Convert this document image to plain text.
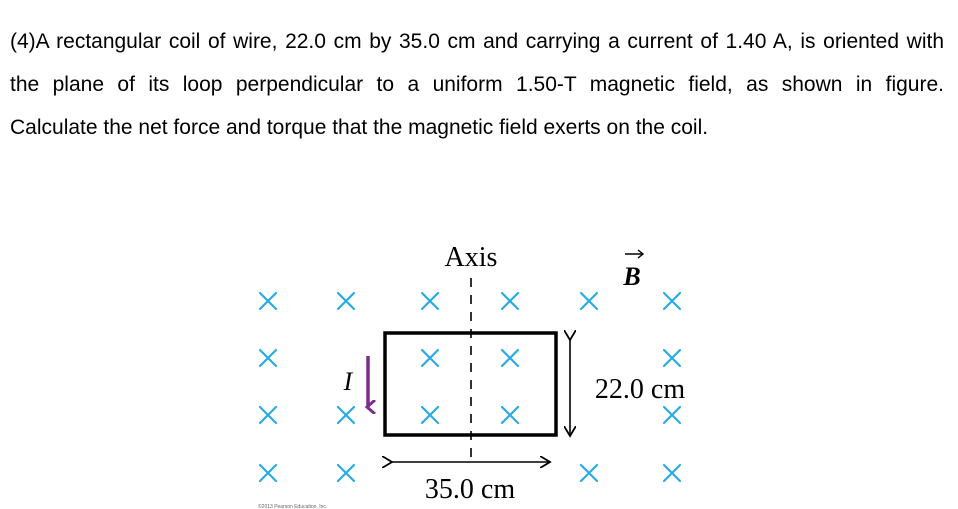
(4)A rectangular coil of wire, 22.0 cm by 35.0 cm and carrying a current of 1.40 A, is oriented with
the plane of its loop perpendicular to a uniform 1.50-T magnetic field, as shown in figure.
Calculate the net force and torque that the magnetic field exerts on the coil.
Axis
B
I	22.0 cm
35.0 cm
©2013 Pearson Education, Inc.
